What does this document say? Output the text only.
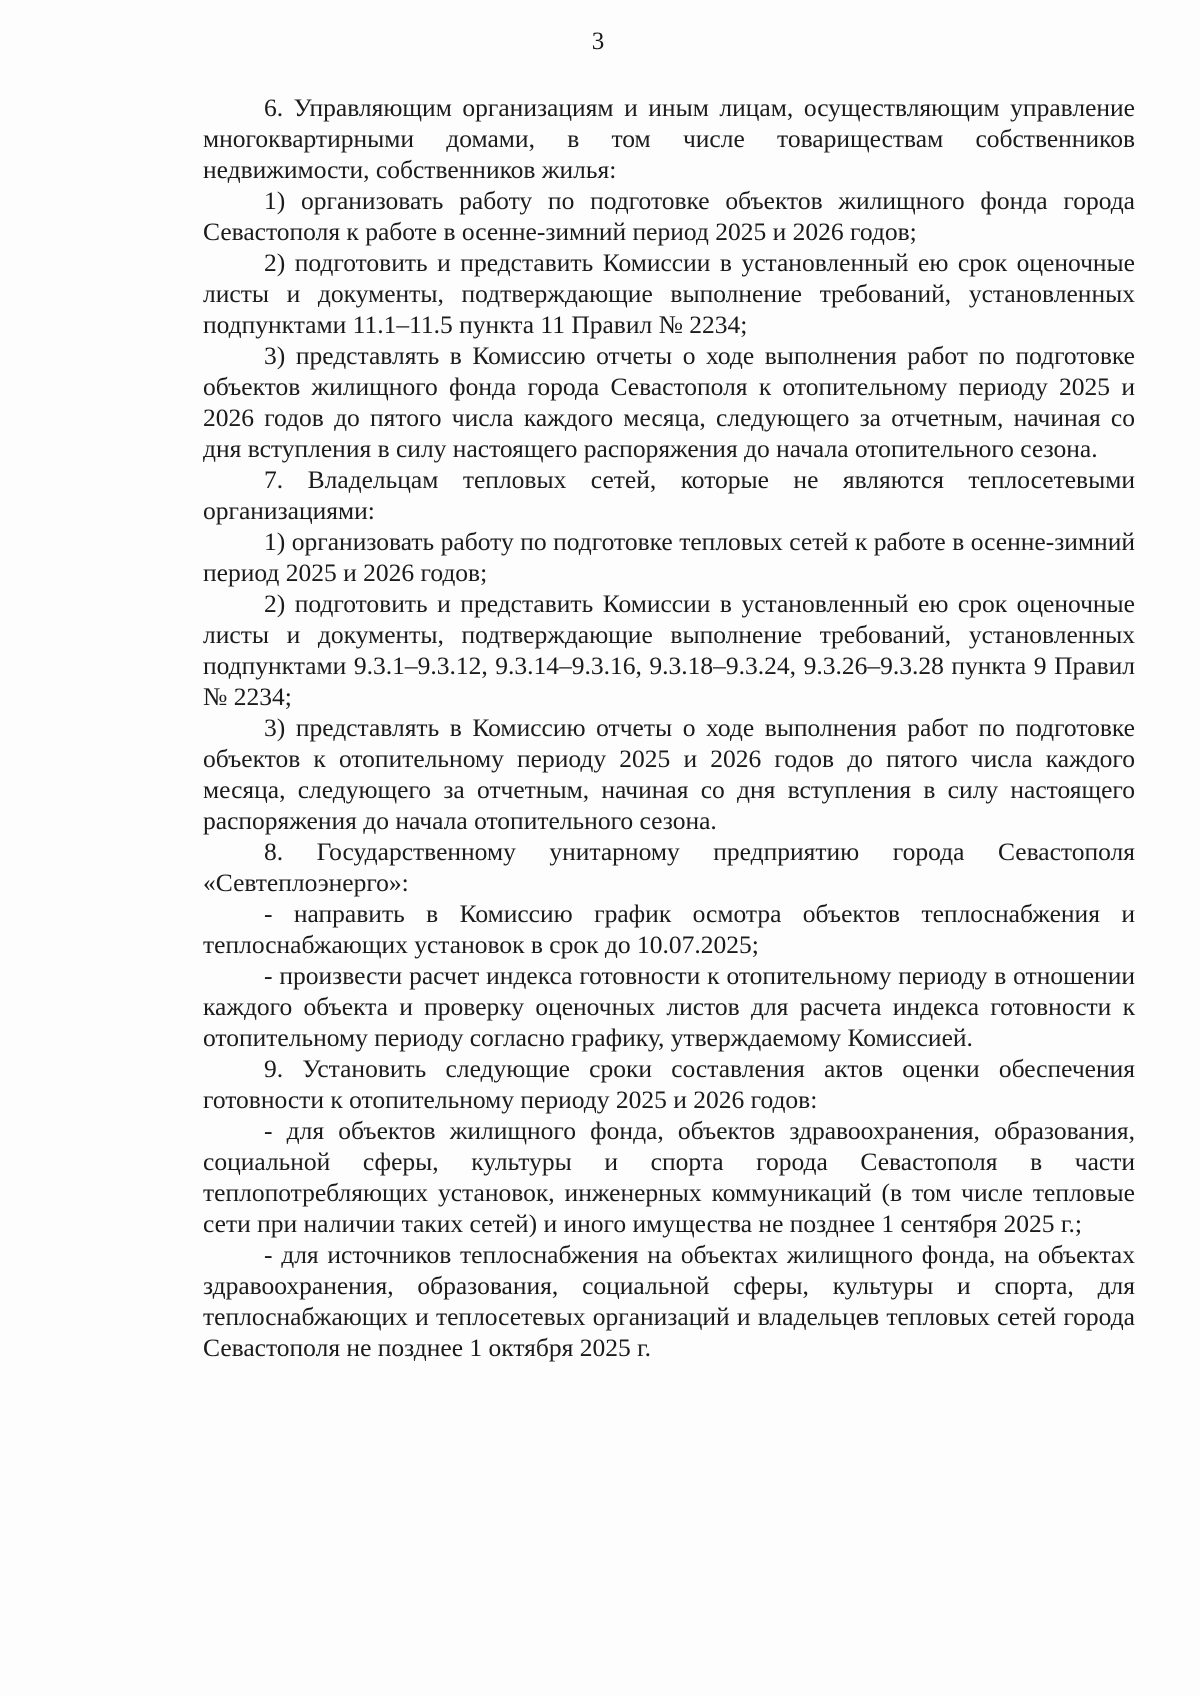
3

6. Управляющим организациям и иным лицам, осуществляющим управление многоквартирными домами, в том числе товариществам собственников недвижимости, собственников жилья:

1) организовать работу по подготовке объектов жилищного фонда города Севастополя к работе в осенне-зимний период 2025 и 2026 годов;

2) подготовить и представить Комиссии в установленный ею срок оценочные листы и документы, подтверждающие выполнение требований, установленных подпунктами 11.1–11.5 пункта 11 Правил № 2234;

3) представлять в Комиссию отчеты о ходе выполнения работ по подготовке объектов жилищного фонда города Севастополя к отопительному периоду 2025 и 2026 годов до пятого числа каждого месяца, следующего за отчетным, начиная со дня вступления в силу настоящего распоряжения до начала отопительного сезона.

7. Владельцам тепловых сетей, которые не являются теплосетевыми организациями:

1) организовать работу по подготовке тепловых сетей к работе в осенне-зимний период 2025 и 2026 годов;

2) подготовить и представить Комиссии в установленный ею срок оценочные листы и документы, подтверждающие выполнение требований, установленных подпунктами 9.3.1–9.3.12, 9.3.14–9.3.16, 9.3.18–9.3.24, 9.3.26–9.3.28 пункта 9 Правил № 2234;

3) представлять в Комиссию отчеты о ходе выполнения работ по подготовке объектов к отопительному периоду 2025 и 2026 годов до пятого числа каждого месяца, следующего за отчетным, начиная со дня вступления в силу настоящего распоряжения до начала отопительного сезона.

8. Государственному унитарному предприятию города Севастополя «Севтеплоэнерго»:

- направить в Комиссию график осмотра объектов теплоснабжения и теплоснабжающих установок в срок до 10.07.2025;

- произвести расчет индекса готовности к отопительному периоду в отношении каждого объекта и проверку оценочных листов для расчета индекса готовности к отопительному периоду согласно графику, утверждаемому Комиссией.

9. Установить следующие сроки составления актов оценки обеспечения готовности к отопительному периоду 2025 и 2026 годов:

- для объектов жилищного фонда, объектов здравоохранения, образования, социальной сферы, культуры и спорта города Севастополя в части теплопотребляющих установок, инженерных коммуникаций (в том числе тепловые сети при наличии таких сетей) и иного имущества не позднее 1 сентября 2025 г.;

- для источников теплоснабжения на объектах жилищного фонда, на объектах здравоохранения, образования, социальной сферы, культуры и спорта, для теплоснабжающих и теплосетевых организаций и владельцев тепловых сетей города Севастополя не позднее 1 октября 2025 г.
